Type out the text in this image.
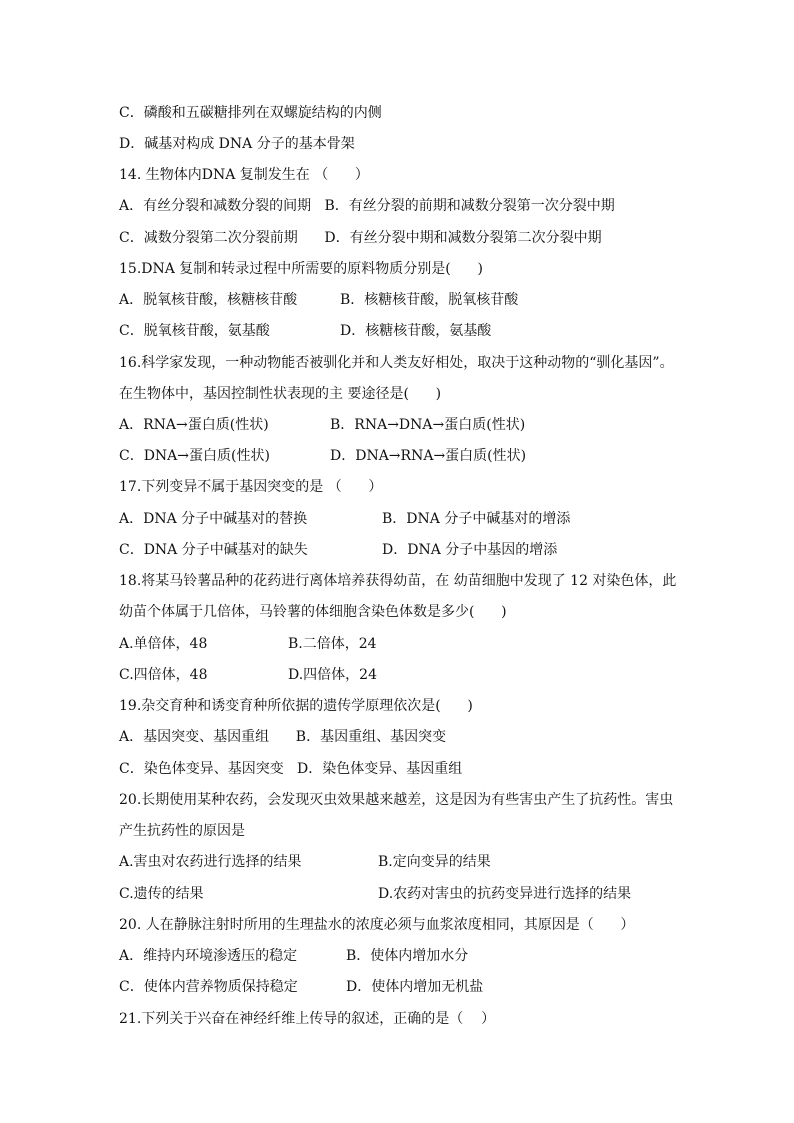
C．磷酸和五碳糖排列在双螺旋结构的内侧
D．碱基对构成 DNA 分子的基本骨架
14. 生物体内DNA 复制发生在 （      ）
A．有丝分裂和减数分裂的间期   B．有丝分裂的前期和减数分裂第一次分裂中期
C．减数分裂第二次分裂前期      D．有丝分裂中期和减数分裂第二次分裂中期
15.DNA 复制和转录过程中所需要的原料物质分别是(      )
A．脱氧核苷酸，核糖核苷酸	B．核糖核苷酸，脱氧核苷酸
C．脱氧核苷酸，氨基酸	D．核糖核苷酸，氨基酸
16.科学家发现，一种动物能否被驯化并和人类友好相处，取决于这种动物的“驯化基因”。
在生物体中，基因控制性状表现的主 要途径是(      )
A．RNA→蛋白质(性状)	B．RNA→DNA→蛋白质(性状)
C．DNA→蛋白质(性状)	D．DNA→RNA→蛋白质(性状)
17.下列变异不属于基因突变的是 （      ）
A．DNA 分子中碱基对的替换	B．DNA 分子中碱基对的增添
C．DNA 分子中碱基对的缺失	D．DNA 分子中基因的增添
18.将某马铃薯品种的花药进行离体培养获得幼苗，在 幼苗细胞中发现了 12 对染色体，此
幼苗个体属于几倍体，马铃薯的体细胞含染色体数是多少(      )
A.单倍体，48	B.二倍体，24
C.四倍体，48	D.四倍体，24
19.杂交育种和诱变育种所依据的遗传学原理依次是(      )
A．基因突变、基因重组      B．基因重组、基因突变
C．染色体变异、基因突变   D．染色体变异、基因重组
20.长期使用某种农药，会发现灭虫效果越来越差，这是因为有些害虫产生了抗药性。害虫
产生抗药性的原因是
A.害虫对农药进行选择的结果	B.定向变异的结果
C.遗传的结果	D.农药对害虫的抗药变异进行选择的结果
20. 人在静脉注射时所用的生理盐水的浓度必须与血浆浓度相同，其原因是（      ）
A．维持内环境渗透压的稳定	B．使体内增加水分
C．使体内营养物质保持稳定	D．使体内增加无机盐
21.下列关于兴奋在神经纤维上传导的叙述，正确的是（    ）
